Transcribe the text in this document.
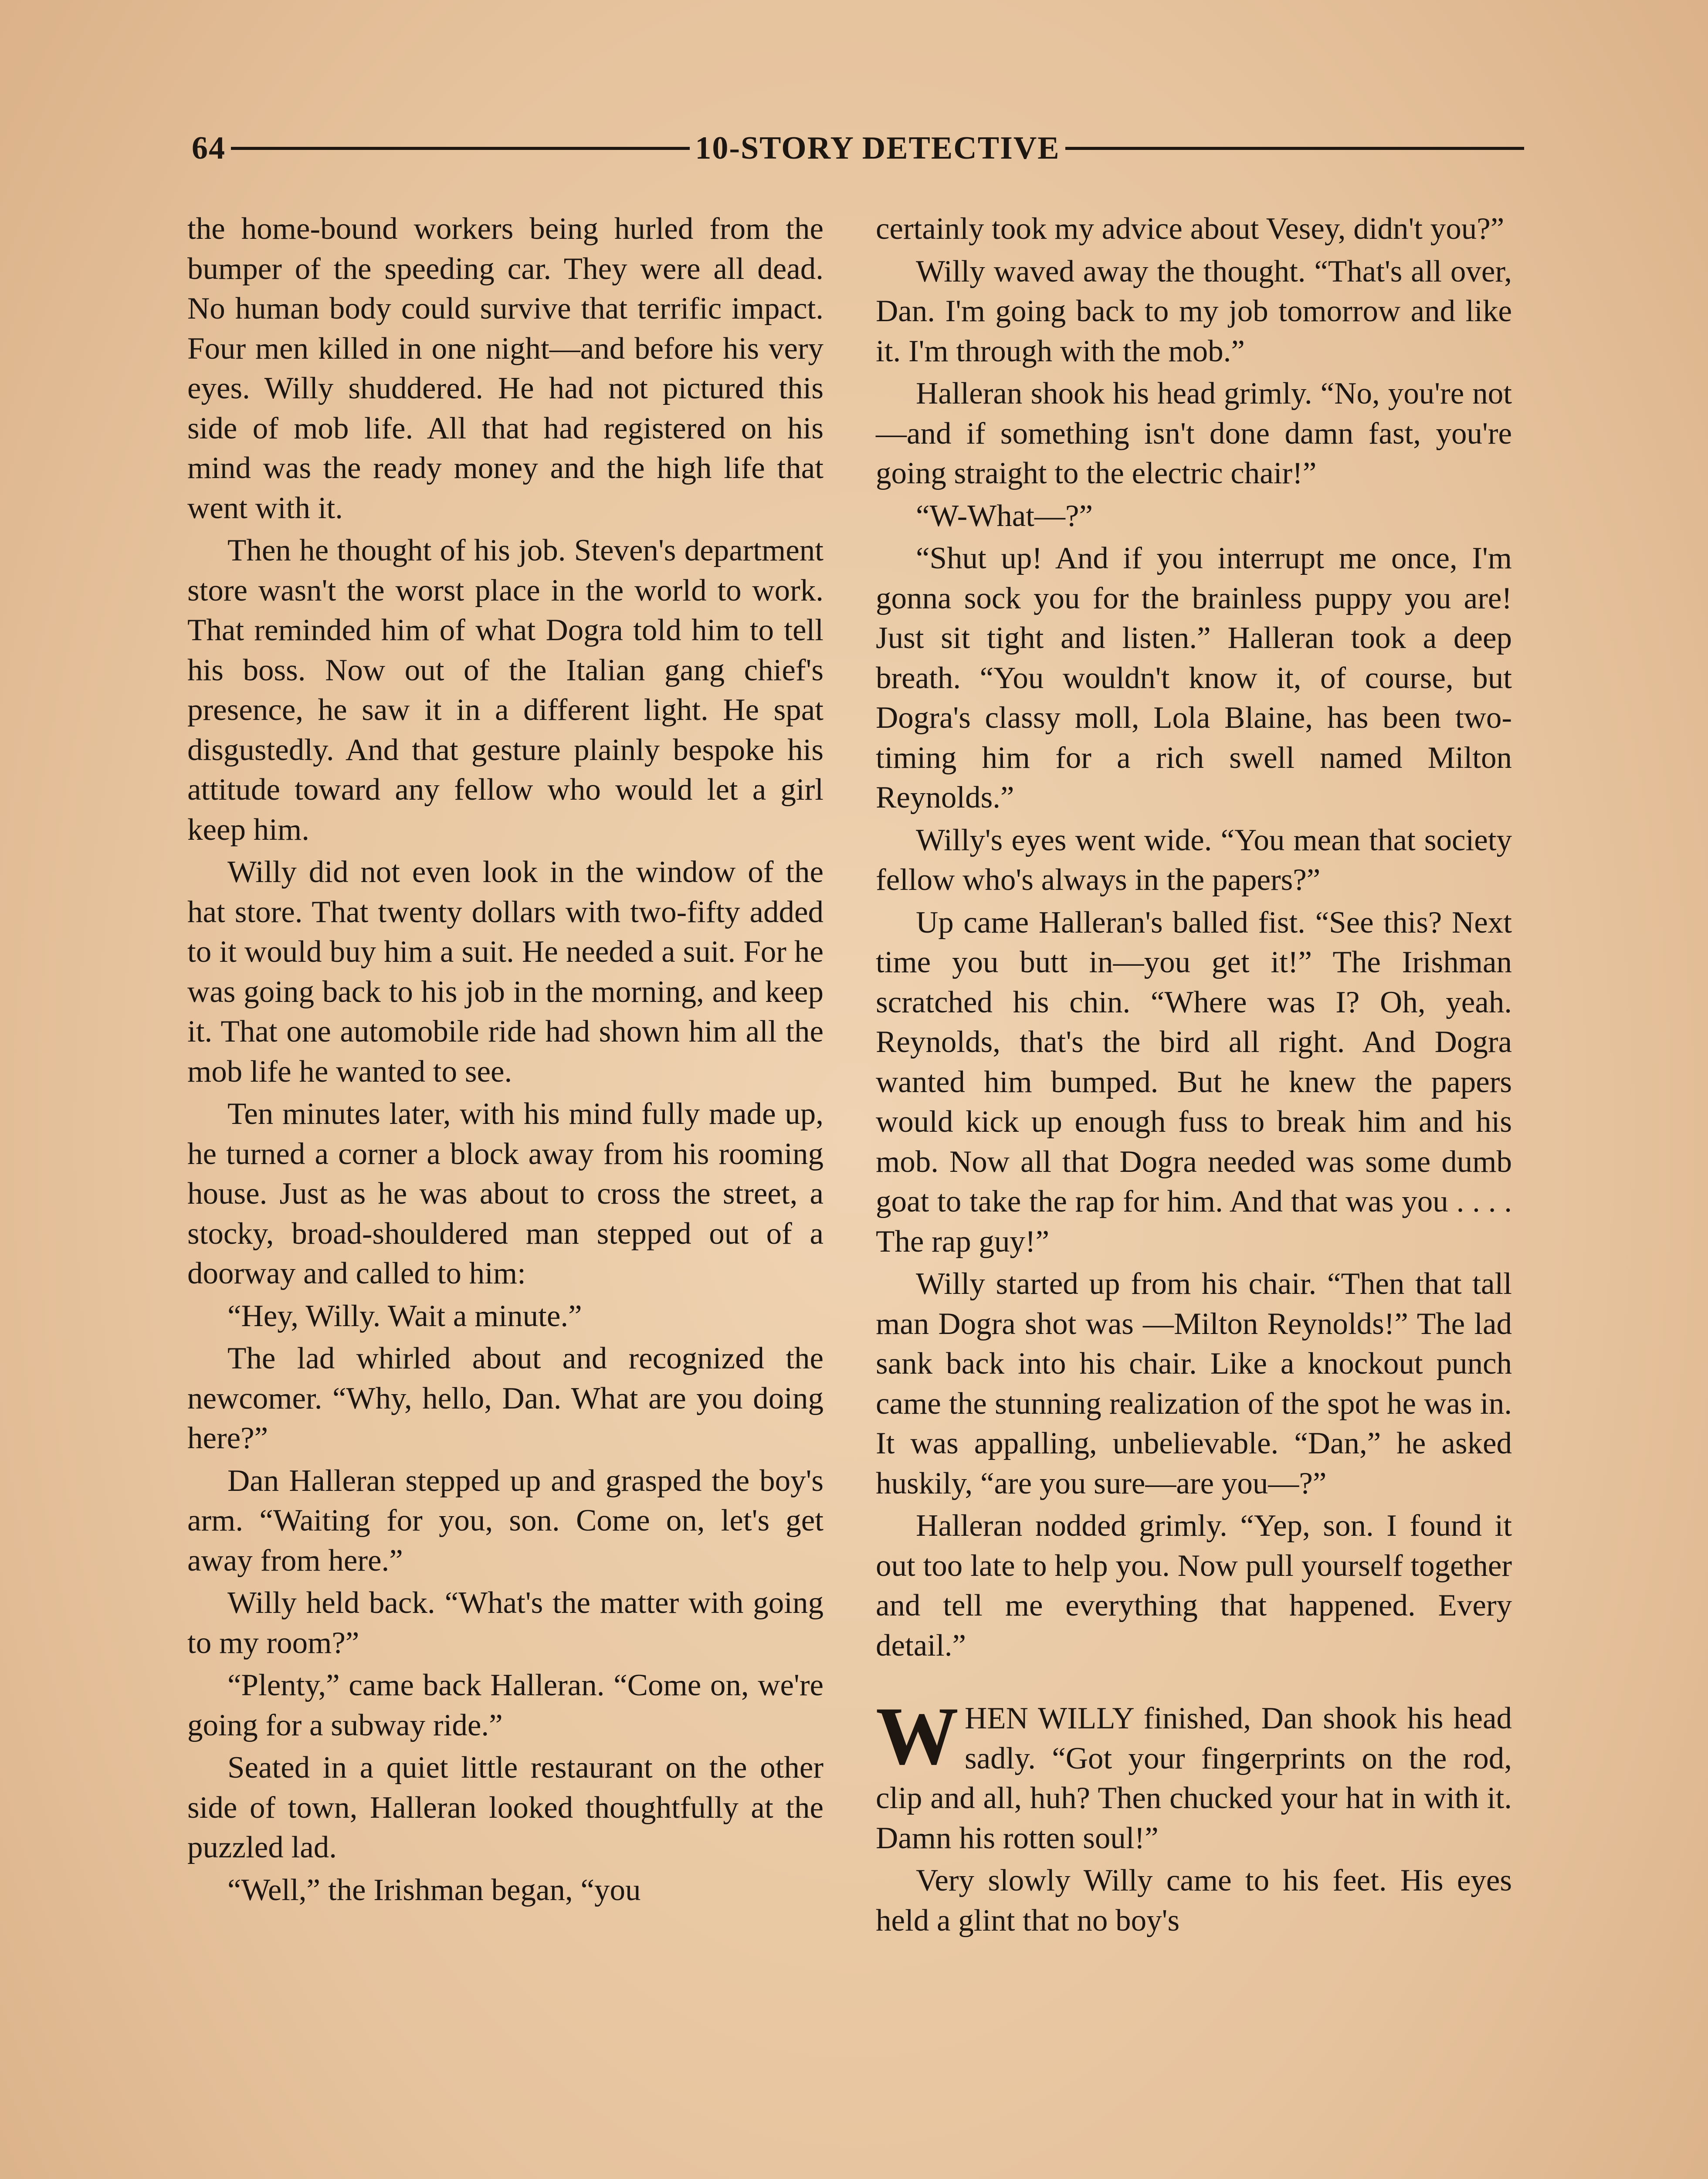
64	10-STORY DETECTIVE

the home-bound workers being hurled from the bumper of the speeding car. They were all dead. No human body could survive that terrific impact. Four men killed in one night—and before his very eyes. Willy shuddered. He had not pictured this side of mob life. All that had registered on his mind was the ready money and the high life that went with it.

Then he thought of his job. Steven's department store wasn't the worst place in the world to work. That reminded him of what Dogra told him to tell his boss. Now out of the Italian gang chief's presence, he saw it in a different light. He spat disgustedly. And that gesture plainly bespoke his attitude toward any fellow who would let a girl keep him.

Willy did not even look in the window of the hat store. That twenty dollars with two-fifty added to it would buy him a suit. He needed a suit. For he was going back to his job in the morning, and keep it. That one automobile ride had shown him all the mob life he wanted to see.

Ten minutes later, with his mind fully made up, he turned a corner a block away from his rooming house. Just as he was about to cross the street, a stocky, broad-shouldered man stepped out of a doorway and called to him:

“Hey, Willy. Wait a minute.”

The lad whirled about and recognized the newcomer. “Why, hello, Dan. What are you doing here?”

Dan Halleran stepped up and grasped the boy's arm. “Waiting for you, son. Come on, let's get away from here.”

Willy held back. “What's the matter with going to my room?”

“Plenty,” came back Halleran. “Come on, we're going for a subway ride.”

Seated in a quiet little restaurant on the other side of town, Halleran looked thoughtfully at the puzzled lad.

“Well,” the Irishman began, “you

certainly took my advice about Vesey, didn't you?”

Willy waved away the thought. “That's all over, Dan. I'm going back to my job tomorrow and like it. I'm through with the mob.”

Halleran shook his head grimly. “No, you're not—and if something isn't done damn fast, you're going straight to the electric chair!”

“W-What—?”

“Shut up! And if you interrupt me once, I'm gonna sock you for the brainless puppy you are! Just sit tight and listen.” Halleran took a deep breath. “You wouldn't know it, of course, but Dogra's classy moll, Lola Blaine, has been two-timing him for a rich swell named Milton Reynolds.”

Willy's eyes went wide. “You mean that society fellow who's always in the papers?”

Up came Halleran's balled fist. “See this? Next time you butt in—you get it!” The Irishman scratched his chin. “Where was I? Oh, yeah. Reynolds, that's the bird all right. And Dogra wanted him bumped. But he knew the papers would kick up enough fuss to break him and his mob. Now all that Dogra needed was some dumb goat to take the rap for him. And that was you . . . . The rap guy!”

Willy started up from his chair. “Then that tall man Dogra shot was —Milton Reynolds!” The lad sank back into his chair. Like a knockout punch came the stunning realization of the spot he was in. It was appalling, unbelievable. “Dan,” he asked huskily, “are you sure—are you—?”

Halleran nodded grimly. “Yep, son. I found it out too late to help you. Now pull yourself together and tell me everything that happened. Every detail.”

WHEN WILLY finished, Dan shook his head sadly. “Got your fingerprints on the rod, clip and all, huh? Then chucked your hat in with it. Damn his rotten soul!”

Very slowly Willy came to his feet. His eyes held a glint that no boy's
